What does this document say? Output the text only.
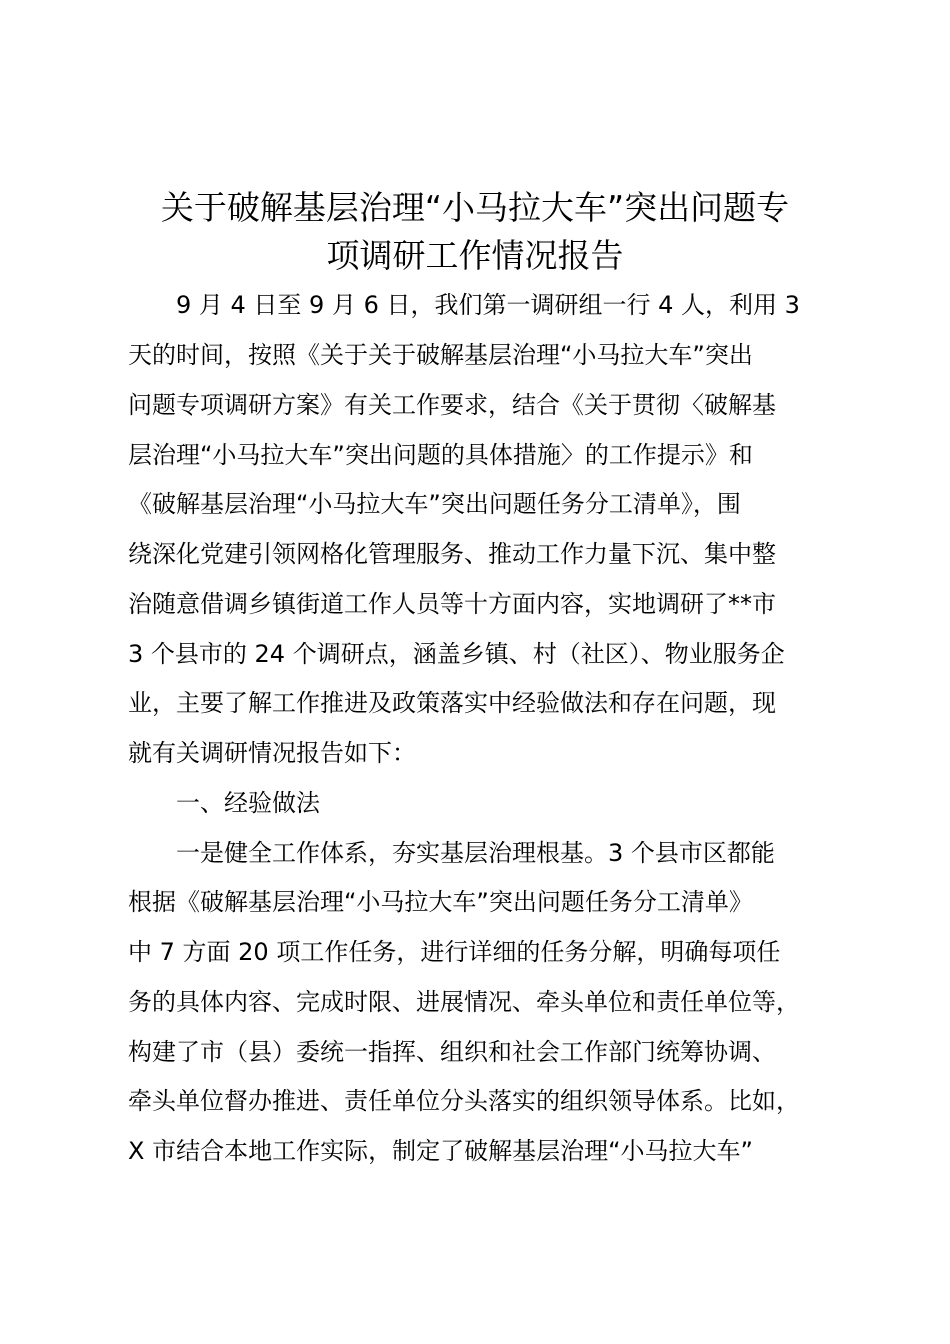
关于破解基层治理“小马拉大车”突出问题专
项调研工作情况报告

9 月 4 日至 9 月 6 日，我们第一调研组一行 4 人，利用 3

天的时间，按照《关于关于破解基层治理“小马拉大车”突出

问题专项调研方案》有关工作要求，结合《关于贯彻〈破解基

层治理“小马拉大车”突出问题的具体措施〉的工作提示》和

《破解基层治理“小马拉大车”突出问题任务分工清单》，围

绕深化党建引领网格化管理服务、推动工作力量下沉、集中整

治随意借调乡镇街道工作人员等十方面内容，实地调研了**市

3 个县市的 24 个调研点，涵盖乡镇、村（社区）、物业服务企

业，主要了解工作推进及政策落实中经验做法和存在问题，现

就有关调研情况报告如下：

一、经验做法

一是健全工作体系，夯实基层治理根基。3 个县市区都能

根据《破解基层治理“小马拉大车”突出问题任务分工清单》

中 7 方面 20 项工作任务，进行详细的任务分解，明确每项任

务的具体内容、完成时限、进展情况、牵头单位和责任单位等，

构建了市（县）委统一指挥、组织和社会工作部门统筹协调、

牵头单位督办推进、责任单位分头落实的组织领导体系。比如，

X 市结合本地工作实际，制定了破解基层治理“小马拉大车”
